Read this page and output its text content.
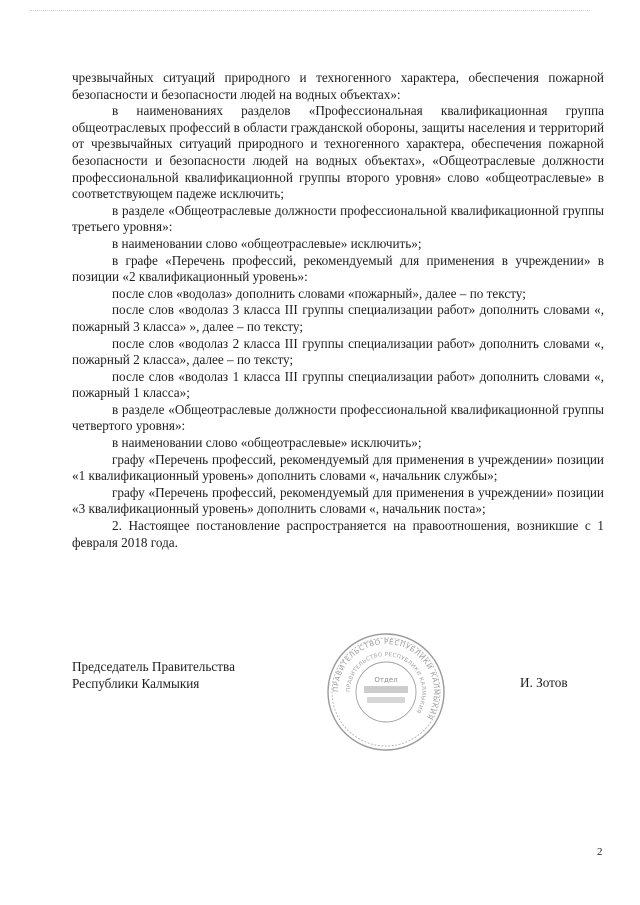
чрезвычайных ситуаций природного и техногенного характера, обеспечения пожарной безопасности и безопасности людей на водных объектах»:

в наименованиях разделов «Профессиональная квалификационная группа общеотраслевых профессий в области гражданской обороны, защиты населения и территорий от чрезвычайных ситуаций природного и техногенного характера, обеспечения пожарной безопасности и безопасности людей на водных объектах», «Общеотраслевые должности профессиональной квалификационной группы второго уровня» слово «общеотраслевые» в соответствующем падеже исключить;

в разделе «Общеотраслевые должности профессиональной квалификационной группы третьего уровня»:

в наименовании слово «общеотраслевые» исключить»;

в графе «Перечень профессий, рекомендуемый для применения в учреждении» в позиции «2 квалификационный уровень»:

после слов «водолаз» дополнить словами «пожарный», далее – по тексту;

после слов «водолаз 3 класса III группы специализации работ» дополнить словами «, пожарный 3 класса» », далее – по тексту;

после слов «водолаз 2 класса III группы специализации работ» дополнить словами «, пожарный 2 класса», далее – по тексту;

после слов «водолаз 1 класса III группы специализации работ» дополнить словами «, пожарный 1 класса»;

в разделе «Общеотраслевые должности профессиональной квалификационной группы четвертого уровня»:

в наименовании слово «общеотраслевые» исключить»;

графу «Перечень профессий, рекомендуемый для применения в учреждении» позиции «1 квалификационный уровень» дополнить словами «, начальник службы»;

графу «Перечень профессий, рекомендуемый для применения в учреждении» позиции «3 квалификационный уровень» дополнить словами «, начальник поста»;

2. Настоящее постановление распространяется на правоотношения, возникшие с 1 февраля 2018 года.

Председатель Правительства
Республики Калмыкия	ПРАВИТЕЛЬСТВО РЕСПУБЛИКИ КАЛМЫКИЯ
ПРАВИТЕЛЬСТВО РЕСПУБЛИКИ КАЛМЫКИЯ
Отдел	И. Зотов
2
